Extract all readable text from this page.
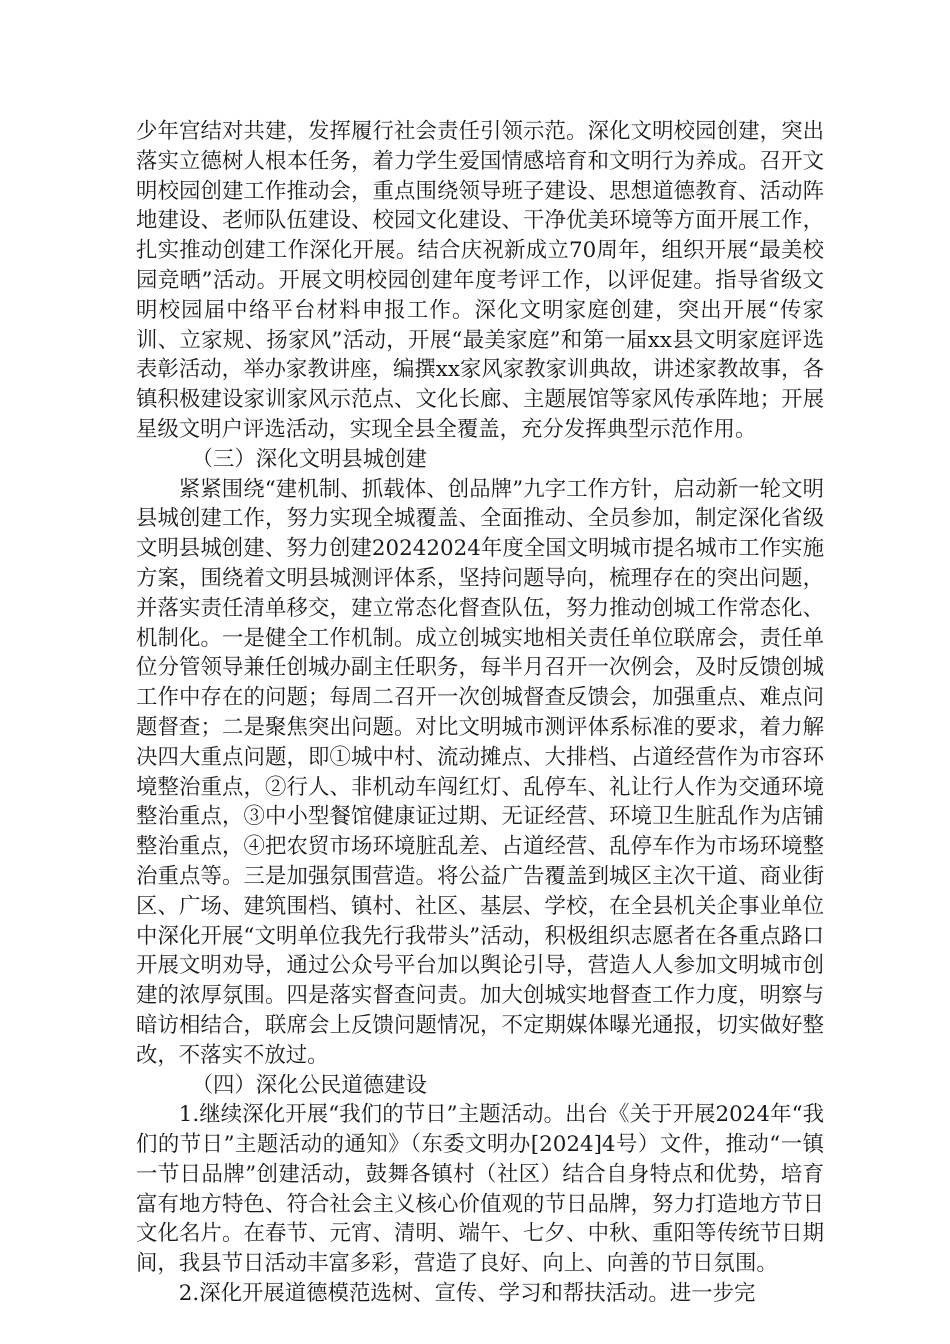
少年宫结对共建，发挥履行社会责任引领示范。深化文明校园创建，突出落实立德树人根本任务，着力学生爱国情感培育和文明行为养成。召开文明校园创建工作推动会，重点围绕领导班子建设、思想道德教育、活动阵地建设、老师队伍建设、校园文化建设、干净优美环境等方面开展工作，扎实推动创建工作深化开展。结合庆祝新成立70周年，组织开展“最美校园竞晒”活动。开展文明校园创建年度考评工作，以评促建。指导省级文明校园届中络平台材料申报工作。深化文明家庭创建，突出开展“传家训、立家规、扬家风”活动，开展“最美家庭”和第一届xx县文明家庭评选表彰活动，举办家教讲座，编撰xx家风家教家训典故，讲述家教故事，各镇积极建设家训家风示范点、文化长廊、主题展馆等家风传承阵地；开展星级文明户评选活动，实现全县全覆盖，充分发挥典型示范作用。

（三）深化文明县城创建

紧紧围绕“建机制、抓载体、创品牌”九字工作方针，启动新一轮文明县城创建工作，努力实现全城覆盖、全面推动、全员参加，制定深化省级文明县城创建、努力创建20242024年度全国文明城市提名城市工作实施方案，围绕着文明县城测评体系，坚持问题导向，梳理存在的突出问题，并落实责任清单移交，建立常态化督查队伍，努力推动创城工作常态化、机制化。一是健全工作机制。成立创城实地相关责任单位联席会，责任单位分管领导兼任创城办副主任职务，每半月召开一次例会，及时反馈创城工作中存在的问题；每周二召开一次创城督查反馈会，加强重点、难点问题督查；二是聚焦突出问题。对比文明城市测评体系标准的要求，着力解决四大重点问题，即①城中村、流动摊点、大排档、占道经营作为市容环境整治重点，②行人、非机动车闯红灯、乱停车、礼让行人作为交通环境整治重点，③中小型餐馆健康证过期、无证经营、环境卫生脏乱作为店铺整治重点，④把农贸市场环境脏乱差、占道经营、乱停车作为市场环境整治重点等。三是加强氛围营造。将公益广告覆盖到城区主次干道、商业街区、广场、建筑围档、镇村、社区、基层、学校，在全县机关企事业单位中深化开展“文明单位我先行我带头”活动，积极组织志愿者在各重点路口开展文明劝导，通过公众号平台加以舆论引导，营造人人参加文明城市创建的浓厚氛围。四是落实督查问责。加大创城实地督查工作力度，明察与暗访相结合，联席会上反馈问题情况，不定期媒体曝光通报，切实做好整改，不落实不放过。

（四）深化公民道德建设

1.继续深化开展“我们的节日”主题活动。出台《关于开展2024年“我们的节日”主题活动的通知》（东委文明办[2024]4号）文件，推动“一镇一节日品牌”创建活动，鼓舞各镇村（社区）结合自身特点和优势，培育富有地方特色、符合社会主义核心价值观的节日品牌，努力打造地方节日文化名片。在春节、元宵、清明、端午、七夕、中秋、重阳等传统节日期间，我县节日活动丰富多彩，营造了良好、向上、向善的节日氛围。

2.深化开展道德模范选树、宣传、学习和帮扶活动。进一步完
